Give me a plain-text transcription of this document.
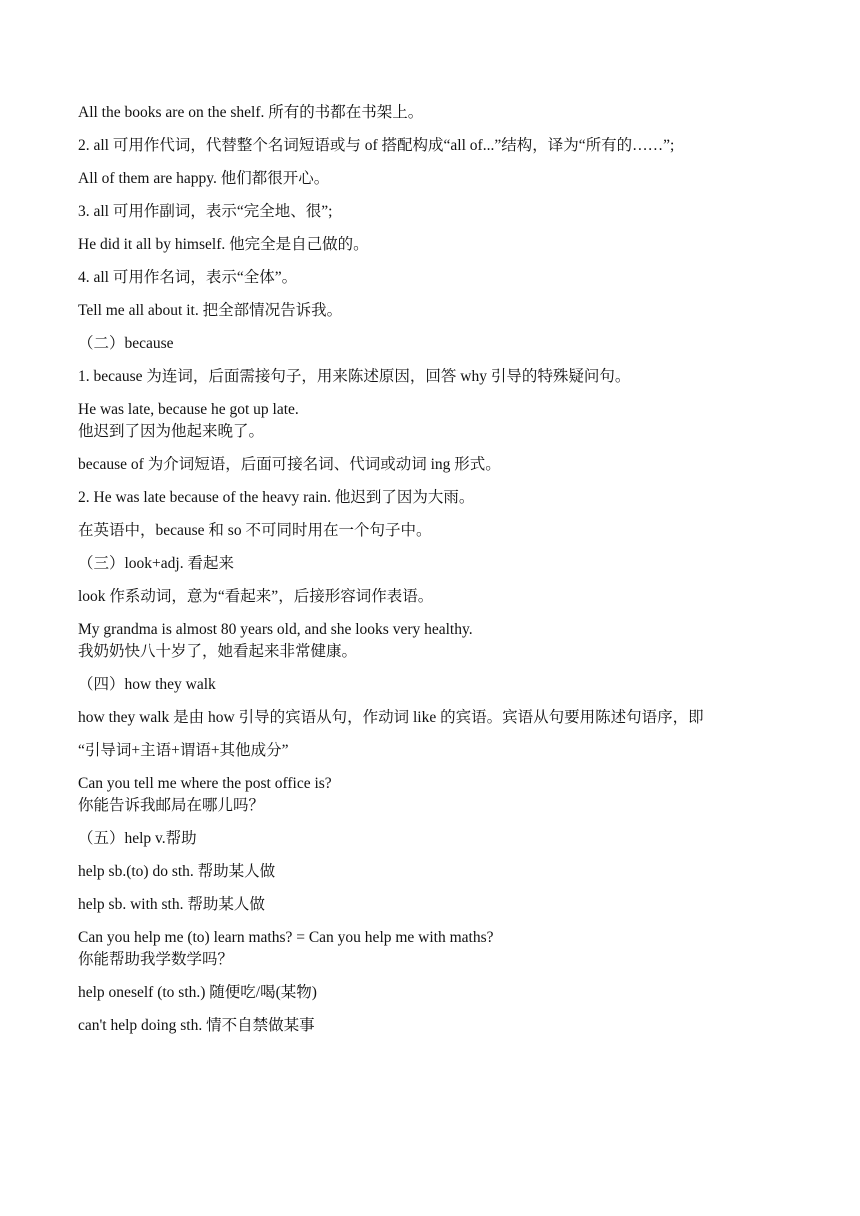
All the books are on the shelf. 所有的书都在书架上。

2. all 可用作代词，代替整个名词短语或与 of 搭配构成“all of...”结构，译为“所有的……”;

All of them are happy. 他们都很开心。

3. all 可用作副词，表示“完全地、很”;

He did it all by himself. 他完全是自己做的。

4. all 可用作名词，表示“全体”。

Tell me all about it. 把全部情况告诉我。

（二）because

1. because 为连词，后面需接句子，用来陈述原因，回答 why 引导的特殊疑问句。

He was late, because he got up late.

他迟到了因为他起来晚了。

because of 为介词短语，后面可接名词、代词或动词 ing 形式。

2. He was late because of the heavy rain. 他迟到了因为大雨。

在英语中，because 和 so 不可同时用在一个句子中。

（三）look+adj. 看起来

look 作系动词，意为“看起来”，后接形容词作表语。

My grandma is almost 80 years old, and she looks very healthy.

我奶奶快八十岁了，她看起来非常健康。

（四）how they walk

how they walk 是由 how 引导的宾语从句，作动词 like 的宾语。宾语从句要用陈述句语序，即

“引导词+主语+谓语+其他成分”

Can you tell me where the post office is?

你能告诉我邮局在哪儿吗？

（五）help v.帮助

help sb.(to) do sth. 帮助某人做

help sb. with sth. 帮助某人做

Can you help me (to) learn maths? = Can you help me with maths?

你能帮助我学数学吗？

help oneself (to sth.) 随便吃/喝(某物)

can't help doing sth. 情不自禁做某事
